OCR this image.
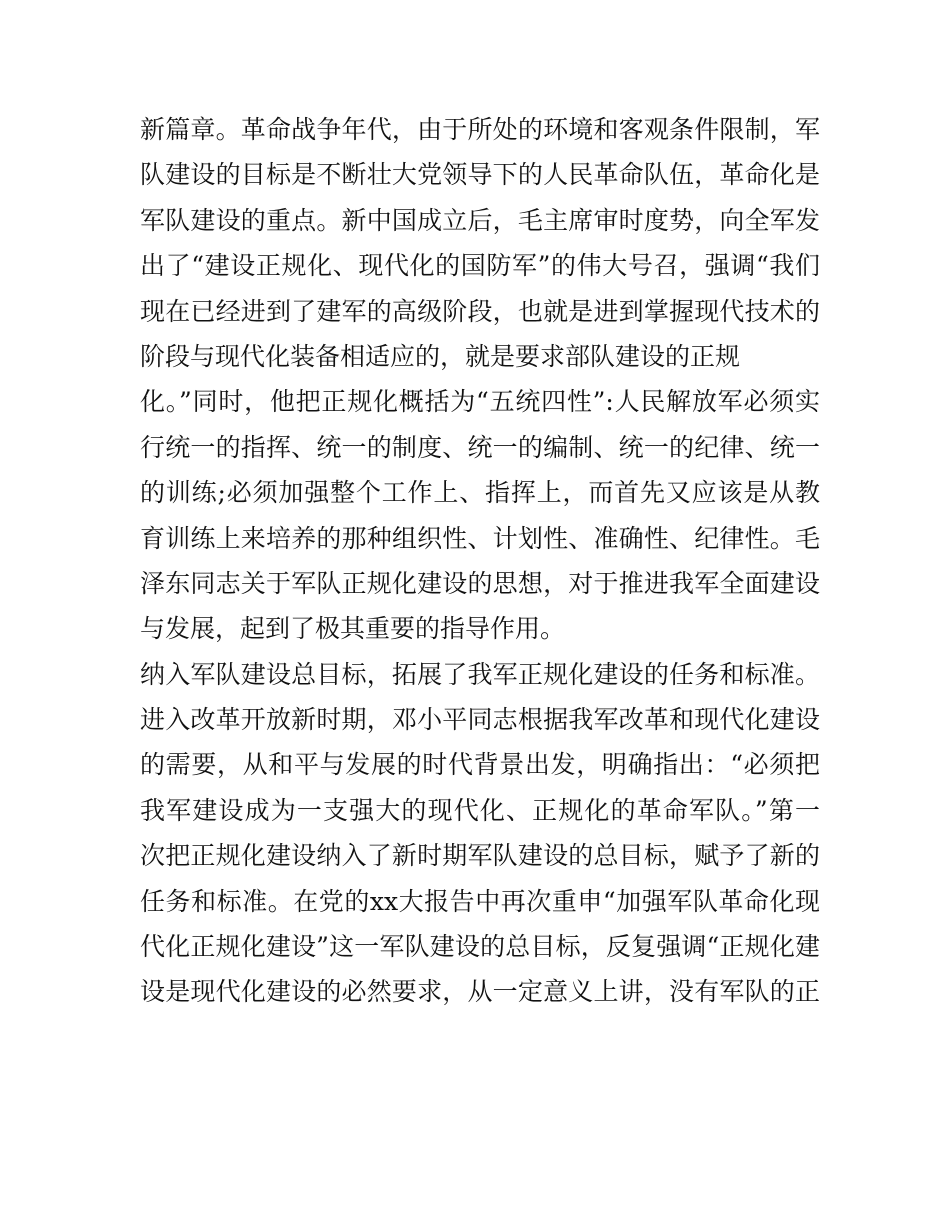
新篇章。革命战争年代，由于所处的环境和客观条件限制，军
队建设的目标是不断壮大党领导下的人民革命队伍，革命化是
军队建设的重点。新中国成立后，毛主席审时度势，向全军发
出了“建设正规化、现代化的国防军”的伟大号召，强调“我们
现在已经进到了建军的高级阶段，也就是进到掌握现代技术的
阶段与现代化装备相适应的，就是要求部队建设的正规
化。”同时，他把正规化概括为“五统四性”:人民解放军必须实
行统一的指挥、统一的制度、统一的编制、统一的纪律、统一
的训练;必须加强整个工作上、指挥上，而首先又应该是从教
育训练上来培养的那种组织性、计划性、准确性、纪律性。毛
泽东同志关于军队正规化建设的思想，对于推进我军全面建设
与发展，起到了极其重要的指导作用。
纳入军队建设总目标，拓展了我军正规化建设的任务和标准。
进入改革开放新时期，邓小平同志根据我军改革和现代化建设
的需要，从和平与发展的时代背景出发，明确指出：“必须把
我军建设成为一支强大的现代化、正规化的革命军队。”第一
次把正规化建设纳入了新时期军队建设的总目标，赋予了新的
任务和标准。在党的xx大报告中再次重申“加强军队革命化现
代化正规化建设”这一军队建设的总目标，反复强调“正规化建
设是现代化建设的必然要求，从一定意义上讲，没有军队的正
